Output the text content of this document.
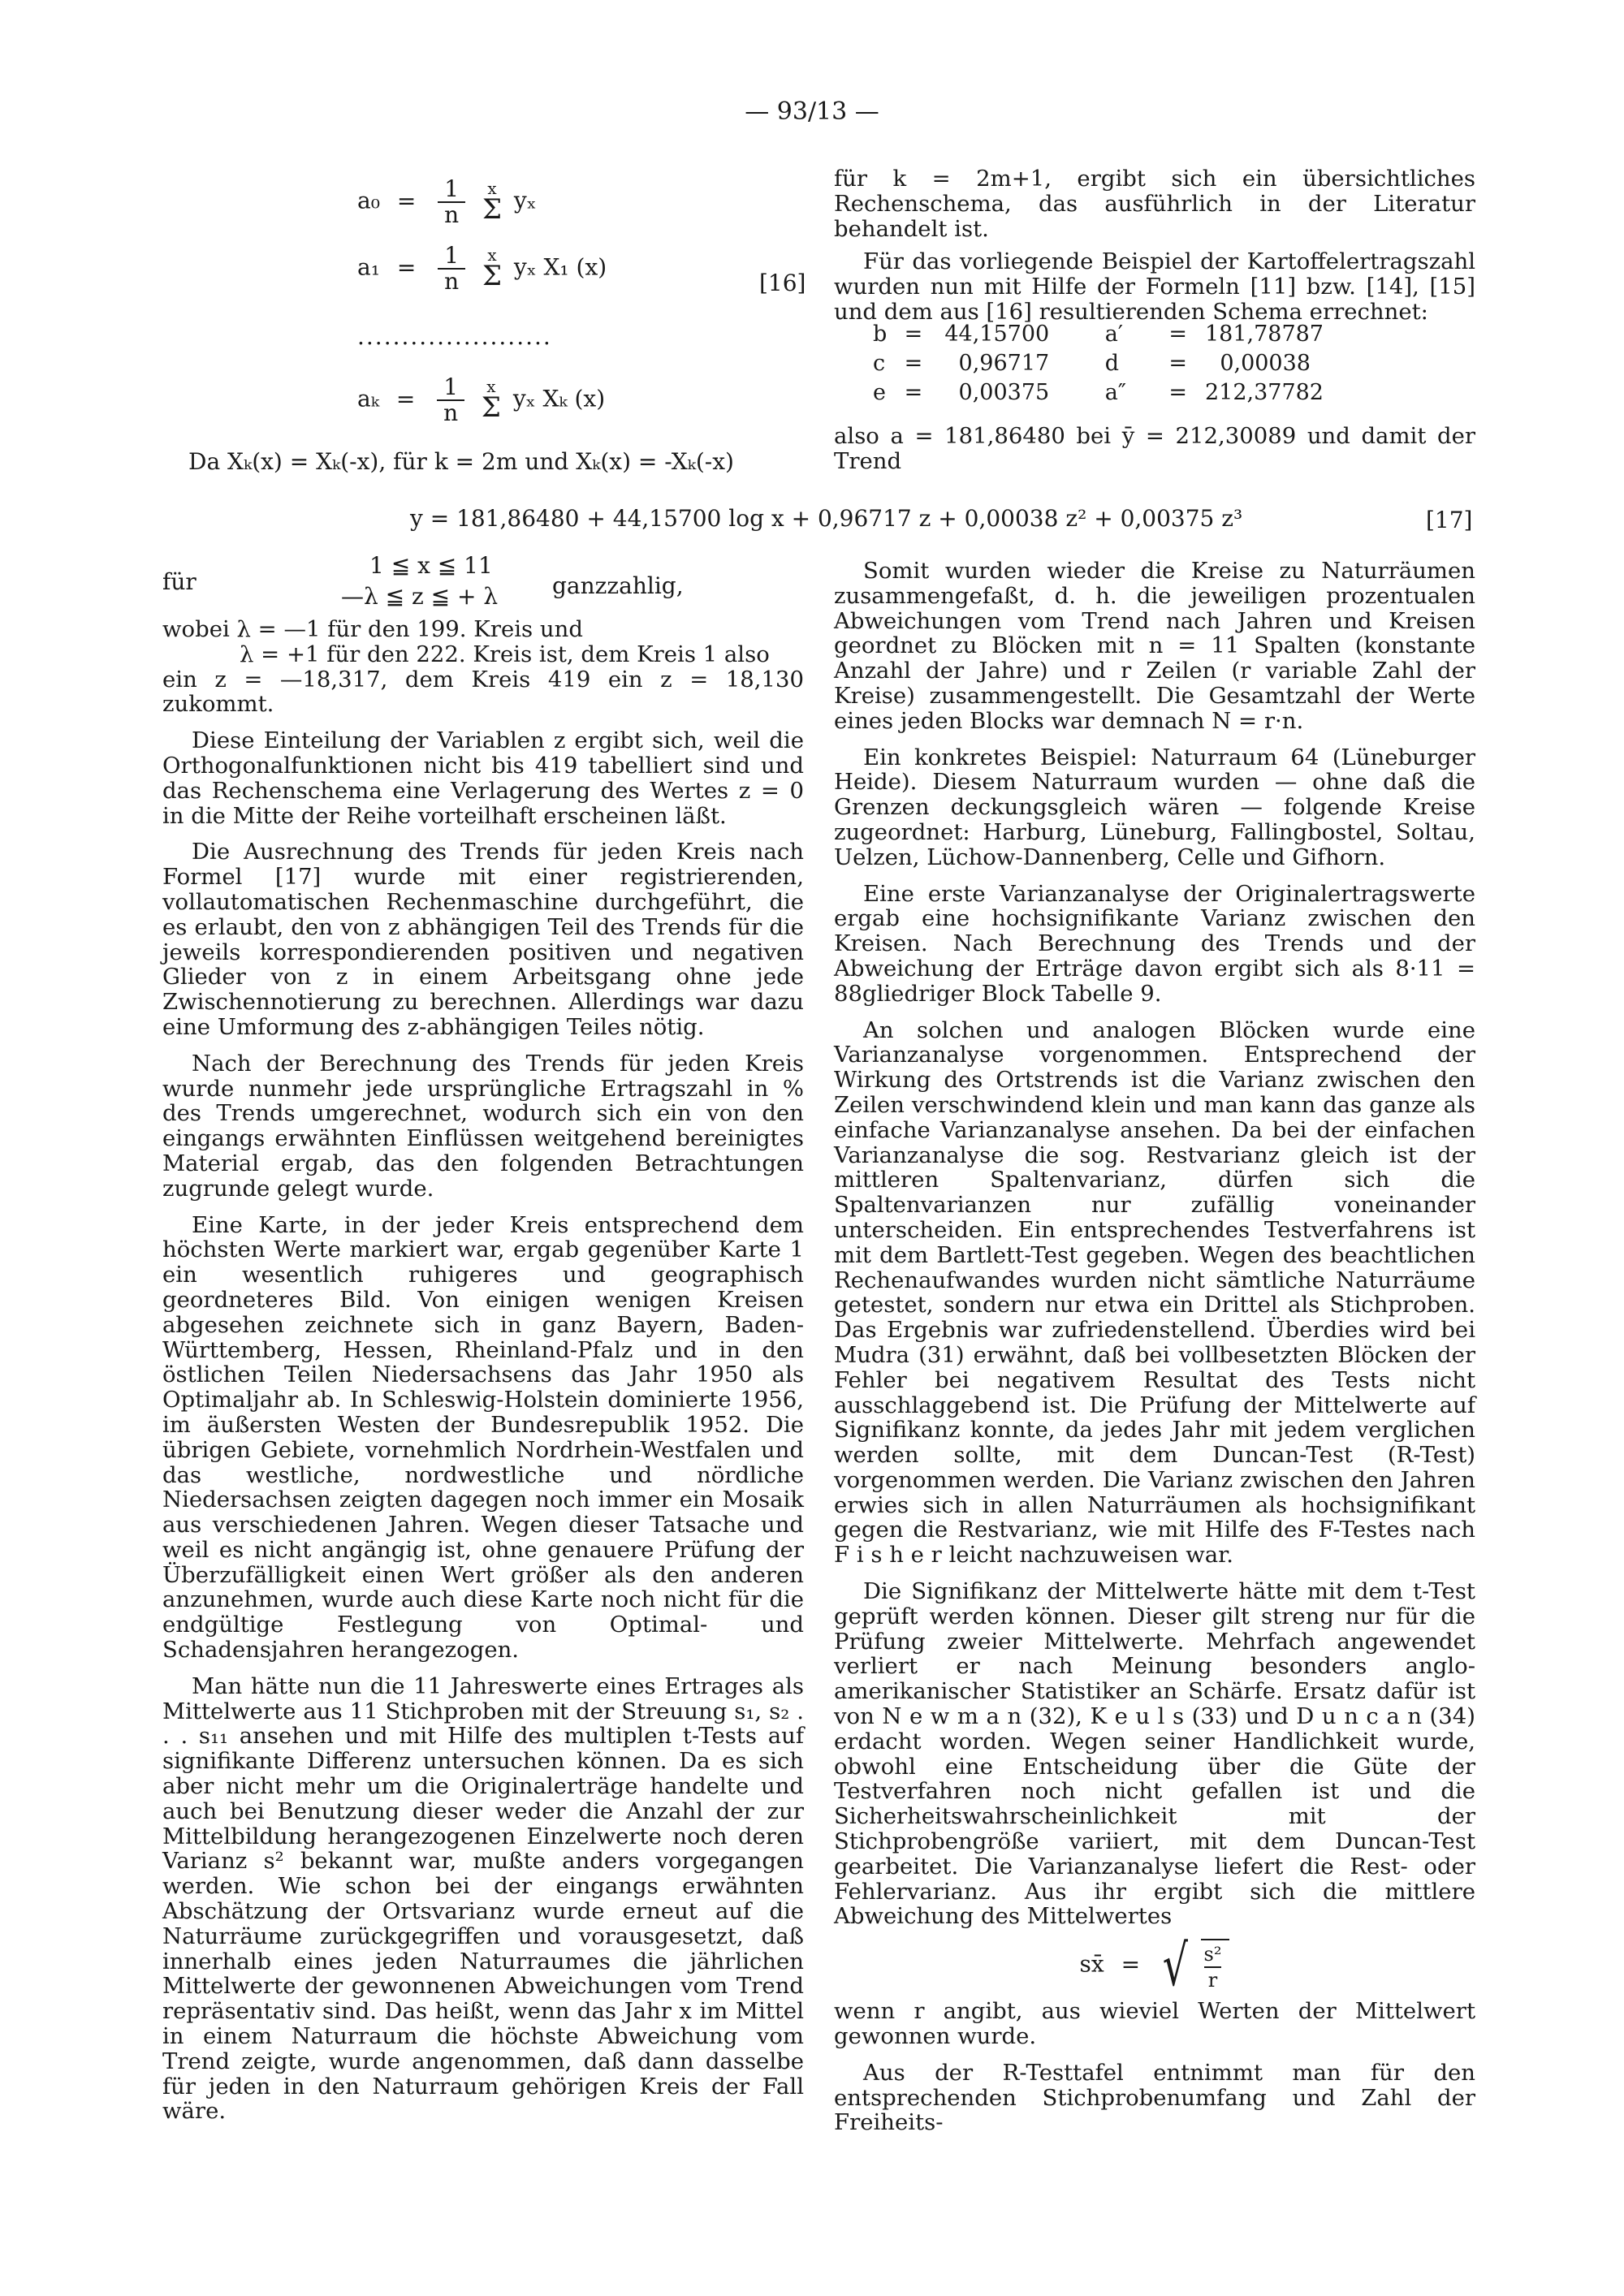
— 93/13 —
$a_0 = \frac{1}{n}$
	x
Σ yₓ
$a_1 = \frac{1}{n}$
	x
Σ yₓ X₁ (x)
[16]
......................
$a_k = \frac{1}{n}$
	x
Σ yₓ Xₖ (x)
Da Xₖ(x) = Xₖ(-x), für k = 2m und Xₖ(x) = -Xₖ(-x)

für k = 2m+1, ergibt sich ein übersichtliches Rechenschema, das ausführlich in der Literatur behandelt ist.

Für das vorliegende Beispiel der Kartoffelertragszahl wurden nun mit Hilfe der Formeln [11] bzw. [14], [15] und dem aus [16] resultierenden Schema errechnet:

b = 44,15700	a′ = 181,78787
c = 0,96717	d = 0,00038
e = 0,00375	a″ = 212,37782

also a = 181,86480 bei ȳ = 212,30089 und damit der Trend

y = 181,86480 + 44,15700 log x + 0,96717 z + 0,00038 z² + 0,00375 z³	[17]
für
1 ≦ x ≦ 11
—λ ≦ z ≦ + λ ganzzahlig,

wobei λ = —1 für den 199. Kreis und

λ = +1 für den 222. Kreis ist, dem Kreis 1 also

ein z = —18,317, dem Kreis 419 ein z = 18,130 zukommt.

Diese Einteilung der Variablen z ergibt sich, weil die Orthogonalfunktionen nicht bis 419 tabelliert sind und das Rechenschema eine Verlagerung des Wertes z = 0 in die Mitte der Reihe vorteilhaft erscheinen läßt.

Die Ausrechnung des Trends für jeden Kreis nach Formel [17] wurde mit einer registrierenden, vollautomatischen Rechenmaschine durchgeführt, die es erlaubt, den von z abhängigen Teil des Trends für die jeweils korrespondierenden positiven und negativen Glieder von z in einem Arbeitsgang ohne jede Zwischennotierung zu berechnen. Allerdings war dazu eine Umformung des z-abhängigen Teiles nötig.

Nach der Berechnung des Trends für jeden Kreis wurde nunmehr jede ursprüngliche Ertragszahl in % des Trends umgerechnet, wodurch sich ein von den eingangs erwähnten Einflüssen weitgehend bereinigtes Material ergab, das den folgenden Betrachtungen zugrunde gelegt wurde.

Eine Karte, in der jeder Kreis entsprechend dem höchsten Werte markiert war, ergab gegenüber Karte 1 ein wesentlich ruhigeres und geographisch geordneteres Bild. Von einigen wenigen Kreisen abgesehen zeichnete sich in ganz Bayern, Baden-Württemberg, Hessen, Rheinland-Pfalz und in den östlichen Teilen Niedersachsens das Jahr 1950 als Optimaljahr ab. In Schleswig-Holstein dominierte 1956, im äußersten Westen der Bundesrepublik 1952. Die übrigen Gebiete, vornehmlich Nordrhein-Westfalen und das westliche, nordwestliche und nördliche Niedersachsen zeigten dagegen noch immer ein Mosaik aus verschiedenen Jahren. Wegen dieser Tatsache und weil es nicht angängig ist, ohne genauere Prüfung der Überzufälligkeit einen Wert größer als den anderen anzunehmen, wurde auch diese Karte noch nicht für die endgültige Festlegung von Optimal- und Schadensjahren herangezogen.

Man hätte nun die 11 Jahreswerte eines Ertrages als Mittelwerte aus 11 Stichproben mit der Streuung s₁, s₂ . . . s₁₁ ansehen und mit Hilfe des multiplen t-Tests auf signifikante Differenz untersuchen können. Da es sich aber nicht mehr um die Originalerträge handelte und auch bei Benutzung dieser weder die Anzahl der zur Mittelbildung herangezogenen Einzelwerte noch deren Varianz s² bekannt war, mußte anders vorgegangen werden. Wie schon bei der eingangs erwähnten Abschätzung der Ortsvarianz wurde erneut auf die Naturräume zurückgegriffen und vorausgesetzt, daß innerhalb eines jeden Naturraumes die jährlichen Mittelwerte der gewonnenen Abweichungen vom Trend repräsentativ sind. Das heißt, wenn das Jahr x im Mittel in einem Naturraum die höchste Abweichung vom Trend zeigte, wurde angenommen, daß dann dasselbe für jeden in den Naturraum gehörigen Kreis der Fall wäre.

Somit wurden wieder die Kreise zu Naturräumen zusammengefaßt, d. h. die jeweiligen prozentualen Abweichungen vom Trend nach Jahren und Kreisen geordnet zu Blöcken mit n = 11 Spalten (konstante Anzahl der Jahre) und r Zeilen (r variable Zahl der Kreise) zusammengestellt. Die Gesamtzahl der Werte eines jeden Blocks war demnach N = r·n.

Ein konkretes Beispiel: Naturraum 64 (Lüneburger Heide). Diesem Naturraum wurden — ohne daß die Grenzen deckungsgleich wären — folgende Kreise zugeordnet: Harburg, Lüneburg, Fallingbostel, Soltau, Uelzen, Lüchow-Dannenberg, Celle und Gifhorn.

Eine erste Varianzanalyse der Originalertragswerte ergab eine hochsignifikante Varianz zwischen den Kreisen. Nach Berechnung des Trends und der Abweichung der Erträge davon ergibt sich als 8·11 = 88gliedriger Block Tabelle 9.

An solchen und analogen Blöcken wurde eine Varianzanalyse vorgenommen. Entsprechend der Wirkung des Ortstrends ist die Varianz zwischen den Zeilen verschwindend klein und man kann das ganze als einfache Varianzanalyse ansehen. Da bei der einfachen Varianzanalyse die sog. Restvarianz gleich ist der mittleren Spaltenvarianz, dürfen sich die Spaltenvarianzen nur zufällig voneinander unterscheiden. Ein entsprechendes Testverfahrens ist mit dem Bartlett-Test gegeben. Wegen des beachtlichen Rechenaufwandes wurden nicht sämtliche Naturräume getestet, sondern nur etwa ein Drittel als Stichproben. Das Ergebnis war zufriedenstellend. Überdies wird bei Mudra (31) erwähnt, daß bei vollbesetzten Blöcken der Fehler bei negativem Resultat des Tests nicht ausschlaggebend ist. Die Prüfung der Mittelwerte auf Signifikanz konnte, da jedes Jahr mit jedem verglichen werden sollte, mit dem Duncan-Test (R-Test) vorgenommen werden. Die Varianz zwischen den Jahren erwies sich in allen Naturräumen als hochsignifikant gegen die Restvarianz, wie mit Hilfe des F-Testes nach F i s h e r leicht nachzuweisen war.

Die Signifikanz der Mittelwerte hätte mit dem t-Test geprüft werden können. Dieser gilt streng nur für die Prüfung zweier Mittelwerte. Mehrfach angewendet verliert er nach Meinung besonders anglo-amerikanischer Statistiker an Schärfe. Ersatz dafür ist von N e w m a n (32), K e u l s (33) und D u n c a n (34) erdacht worden. Wegen seiner Handlichkeit wurde, obwohl eine Entscheidung über die Güte der Testverfahren noch nicht gefallen ist und die Sicherheitswahrscheinlichkeit mit der Stichprobengröße variiert, mit dem Duncan-Test gearbeitet. Die Varianzanalyse liefert die Rest- oder Fehlervarianz. Aus ihr ergibt sich die mittlere Abweichung des Mittelwertes

sx̄ = √ $\frac{\text{s²}}{r}$

wenn r angibt, aus wieviel Werten der Mittelwert gewonnen wurde.

Aus der R-Testtafel entnimmt man für den entsprechenden Stichprobenumfang und Zahl der Freiheits-
